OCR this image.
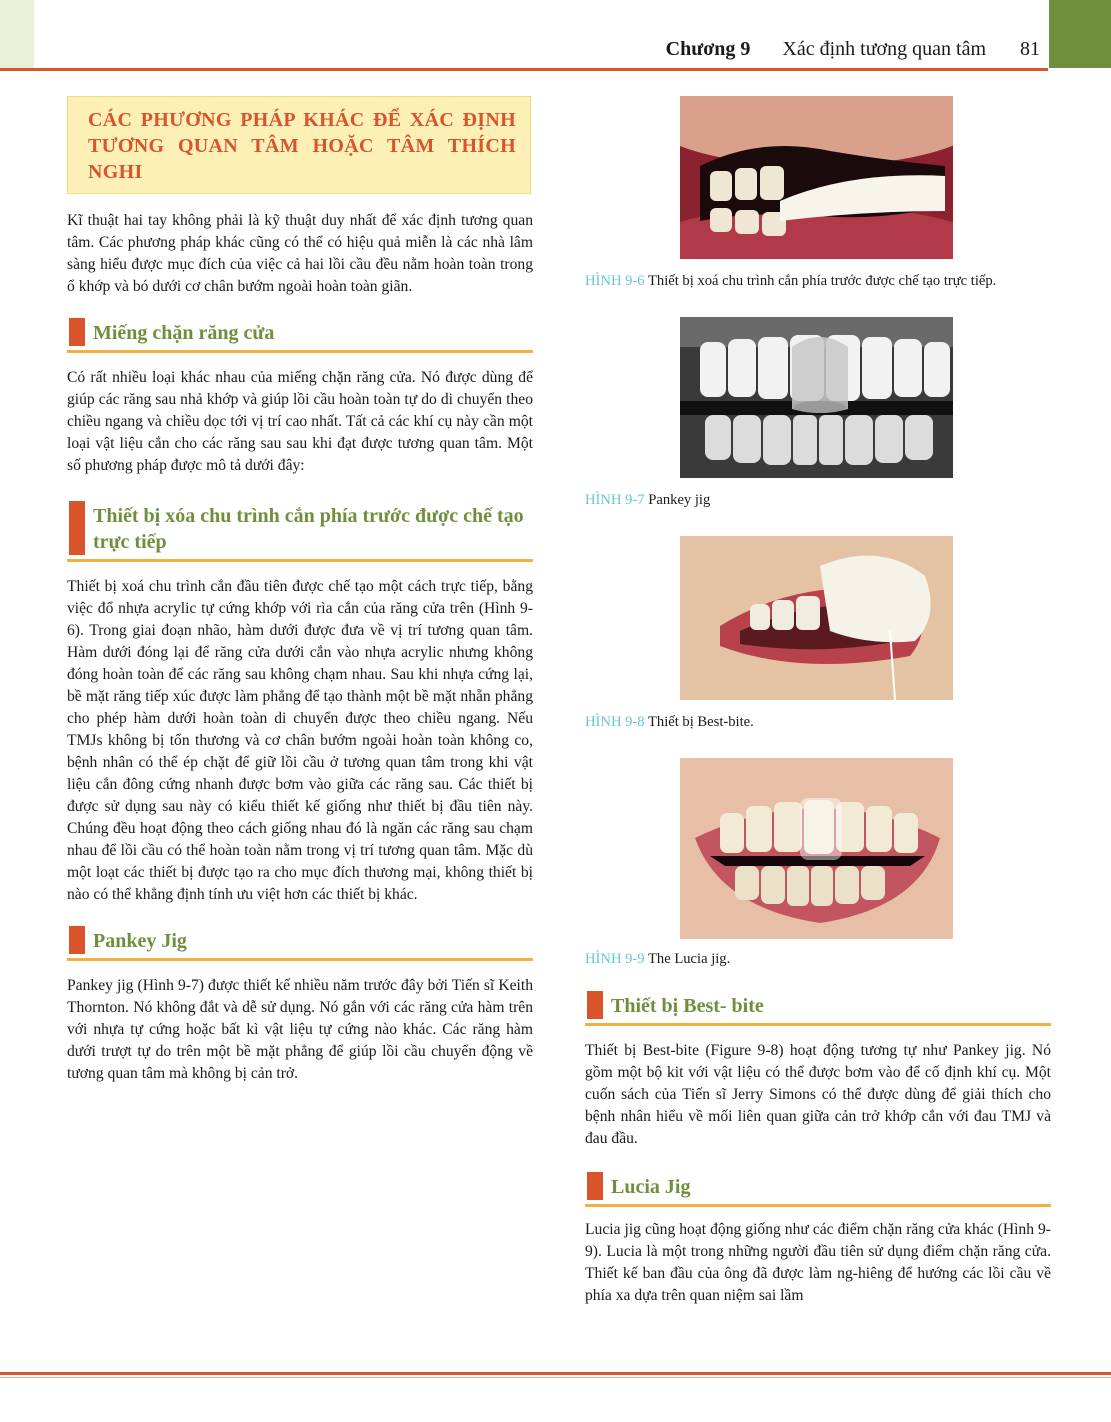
Chương 9 Xác định tương quan tâm 81
CÁC PHƯƠNG PHÁP KHÁC ĐỂ XÁC ĐỊNH TƯƠNG QUAN TÂM HOẶC TÂM THÍCH NGHI

Kĩ thuật hai tay không phải là kỹ thuật duy nhất để xác định tương quan tâm. Các phương pháp khác cũng có thể có hiệu quả miễn là các nhà lâm sàng hiểu được mục đích của việc cả hai lồi cầu đều nằm hoàn toàn trong ổ khớp và bó dưới cơ chân bướm ngoài hoàn toàn giãn.

Miếng chặn răng cửa

Có rất nhiều loại khác nhau của miếng chặn răng cửa. Nó được dùng để giúp các răng sau nhả khớp và giúp lồi cầu hoàn toàn tự do di chuyển theo chiều ngang và chiều dọc tới vị trí cao nhất. Tất cả các khí cụ này cần một loại vật liệu cắn cho các răng sau sau khi đạt được tương quan tâm. Một số phương pháp được mô tả dưới đây:

Thiết bị xóa chu trình cắn phía trước được chế tạo trực tiếp

Thiết bị xoá chu trình cắn đầu tiên được chế tạo một cách trực tiếp, bằng việc đổ nhựa acrylic tự cứng khớp với rìa cắn của răng cửa trên (Hình 9-6). Trong giai đoạn nhão, hàm dưới được đưa về vị trí tương quan tâm. Hàm dưới đóng lại để răng cửa dưới cắn vào nhựa acrylic nhưng không đóng hoàn toàn để các răng sau không chạm nhau. Sau khi nhựa cứng lại, bề mặt răng tiếp xúc được làm phẳng để tạo thành một bề mặt nhẵn phẳng cho phép hàm dưới hoàn toàn di chuyển được theo chiều ngang. Nếu TMJs không bị tổn thương và cơ chân bướm ngoài hoàn toàn không co, bệnh nhân có thể ép chặt để giữ lồi cầu ở tương quan tâm trong khi vật liệu cắn đông cứng nhanh được bơm vào giữa các răng sau. Các thiết bị được sử dụng sau này có kiểu thiết kế giống như thiết bị đầu tiên này. Chúng đều hoạt động theo cách giống nhau đó là ngăn các răng sau chạm nhau để lồi cầu có thể hoàn toàn nằm trong vị trí tương quan tâm. Mặc dù một loạt các thiết bị được tạo ra cho mục đích thương mại, không thiết bị nào có thể khẳng định tính ưu việt hơn các thiết bị khác.

Pankey Jig

Pankey jig (Hình 9-7) được thiết kế nhiều năm trước đây bởi Tiến sĩ Keith Thornton. Nó không đắt và dễ sử dụng. Nó gắn với các răng cửa hàm trên với nhựa tự cứng hoặc bất kì vật liệu tự cứng nào khác. Các răng hàm dưới trượt tự do trên một bề mặt phẳng để giúp lồi cầu chuyển động về tương quan tâm mà không bị cản trở.

HÌNH 9-6 Thiết bị xoá chu trình cắn phía trước được chế tạo trực tiếp.
HÌNH 9-7 Pankey jig
HÌNH 9-8 Thiết bị Best-bite.
HÌNH 9-9 The Lucia jig.
Thiết bị Best- bite

Thiết bị Best-bite (Figure 9-8) hoạt động tương tự như Pankey jig. Nó gồm một bộ kit với vật liệu có thể được bơm vào để cố định khí cụ. Một cuốn sách của Tiến sĩ Jerry Simons có thể được dùng để giải thích cho bệnh nhân hiểu về mối liên quan giữa cản trở khớp cắn với đau TMJ và đau đầu.

Lucia Jig

Lucia jig cũng hoạt động giống như các điểm chặn răng cửa khác (Hình 9-9). Lucia là một trong những người đầu tiên sử dụng điểm chặn răng cửa. Thiết kế ban đầu của ông đã được làm ng-hiêng để hướng các lồi cầu về phía xa dựa trên quan niệm sai lầm
